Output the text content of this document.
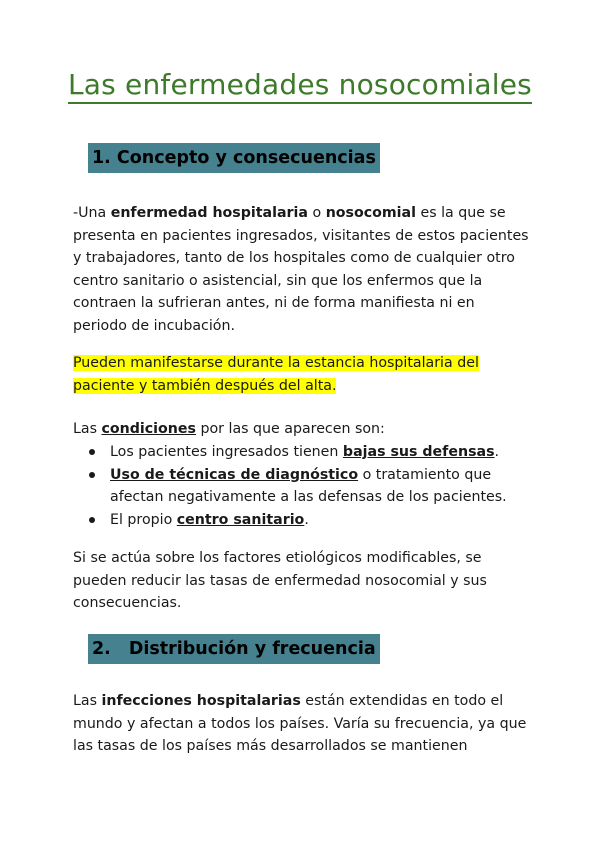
Las enfermedades nosocomiales
1. Concepto y consecuencias
-Una enfermedad hospitalaria o nosocomial es la que se presenta en pacientes ingresados, visitantes de estos pacientes y trabajadores, tanto de los hospitales como de cualquier otro centro sanitario o asistencial, sin que los enfermos que la contraen la sufrieran antes, ni de forma manifiesta ni en periodo de incubación.
Pueden manifestarse durante la estancia hospitalaria del paciente y también después del alta.
Las condiciones por las que aparecen son:
Los pacientes ingresados tienen bajas sus defensas.
Uso de técnicas de diagnóstico o tratamiento que afectan negativamente a las defensas de los pacientes.
El propio centro sanitario.
Si se actúa sobre los factores etiológicos modificables, se pueden reducir las tasas de enfermedad nosocomial y sus consecuencias.
2. Distribución y frecuencia
Las infecciones hospitalarias están extendidas en todo el mundo y afectan a todos los países. Varía su frecuencia, ya que las tasas de los países más desarrollados se mantienen
